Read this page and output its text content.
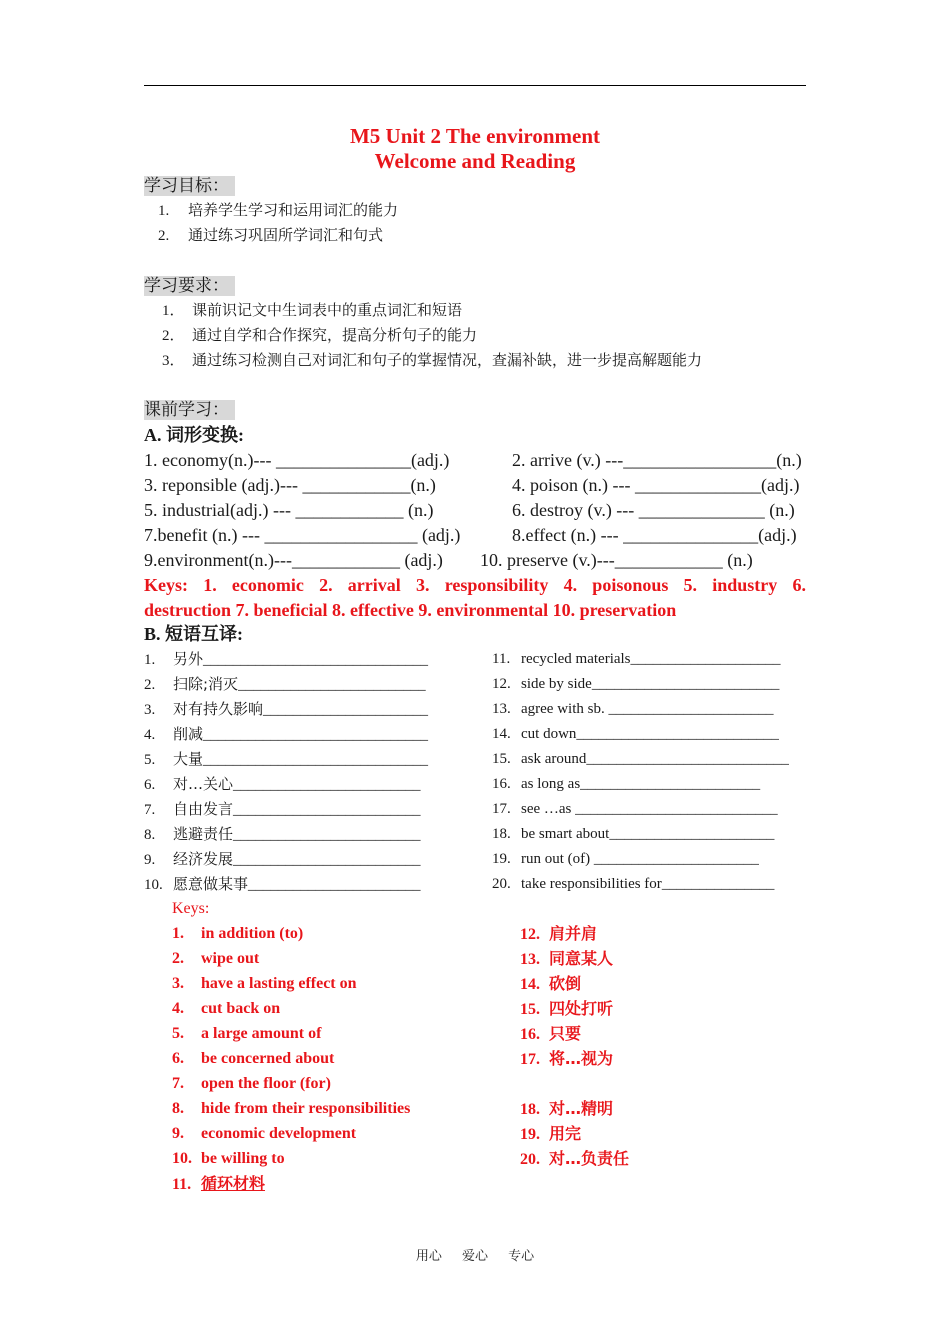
M5 Unit 2 The environment
Welcome and Reading
学习目标：
1. 培养学生学习和运用词汇的能力
2. 通过练习巩固所学词汇和句式
学习要求：
1． 课前识记文中生词表中的重点词汇和短语
2． 通过自学和合作探究，提高分析句子的能力
3． 通过练习检测自己对词汇和句子的掌握情况，查漏补缺，进一步提高解题能力
课前学习：
A. 词形变换:
1. economy(n.)--- _______________(adj.)	2. arrive (v.) ---_________________(n.)
3. reponsible (adj.)--- ____________(n.)	4. poison (n.) --- ______________(adj.)
5. industrial(adj.) --- ____________ (n.)	6. destroy (v.) --- ______________ (n.)
7.benefit (n.) --- _________________ (adj.)	8.effect (n.) --- _______________(adj.)
9.environment(n.)---____________ (adj.) 10. preserve (v.)---____________ (n.)
Keys: 1. economic 2. arrival 3. responsibility 4. poisonous 5. industry 6.
destruction 7. beneficial 8. effective 9. environmental 10. preservation
B. 短语互译:
1. 另外______________________________
2. 扫除;消灭_________________________
3. 对有持久影响______________________
4. 削减______________________________
5. 大量______________________________
6. 对…关心_________________________
7. 自由发言_________________________
8. 逃避责任_________________________
9. 经济发展_________________________
10. 愿意做某事_______________________
11. recycled materials____________________
12. side by side_________________________
13. agree with sb. ______________________
14. cut down___________________________
15. ask around___________________________
16. as long as________________________
17. see …as ___________________________
18. be smart about______________________
19. run out (of) ______________________
20. take responsibilities for_______________
Keys:
1. in addition (to)
2. wipe out
3. have a lasting effect on
4. cut back on
5. a large amount of
6. be concerned about
7. open the floor (for)
8. hide from their responsibilities
9. economic development
10. be willing to
11. 循环材料
12. 肩并肩
13. 同意某人
14. 砍倒
15. 四处打听
16. 只要
17. 将…视为
18. 对…精明
19. 用完
20. 对…负责任
用心 爱心 专心
